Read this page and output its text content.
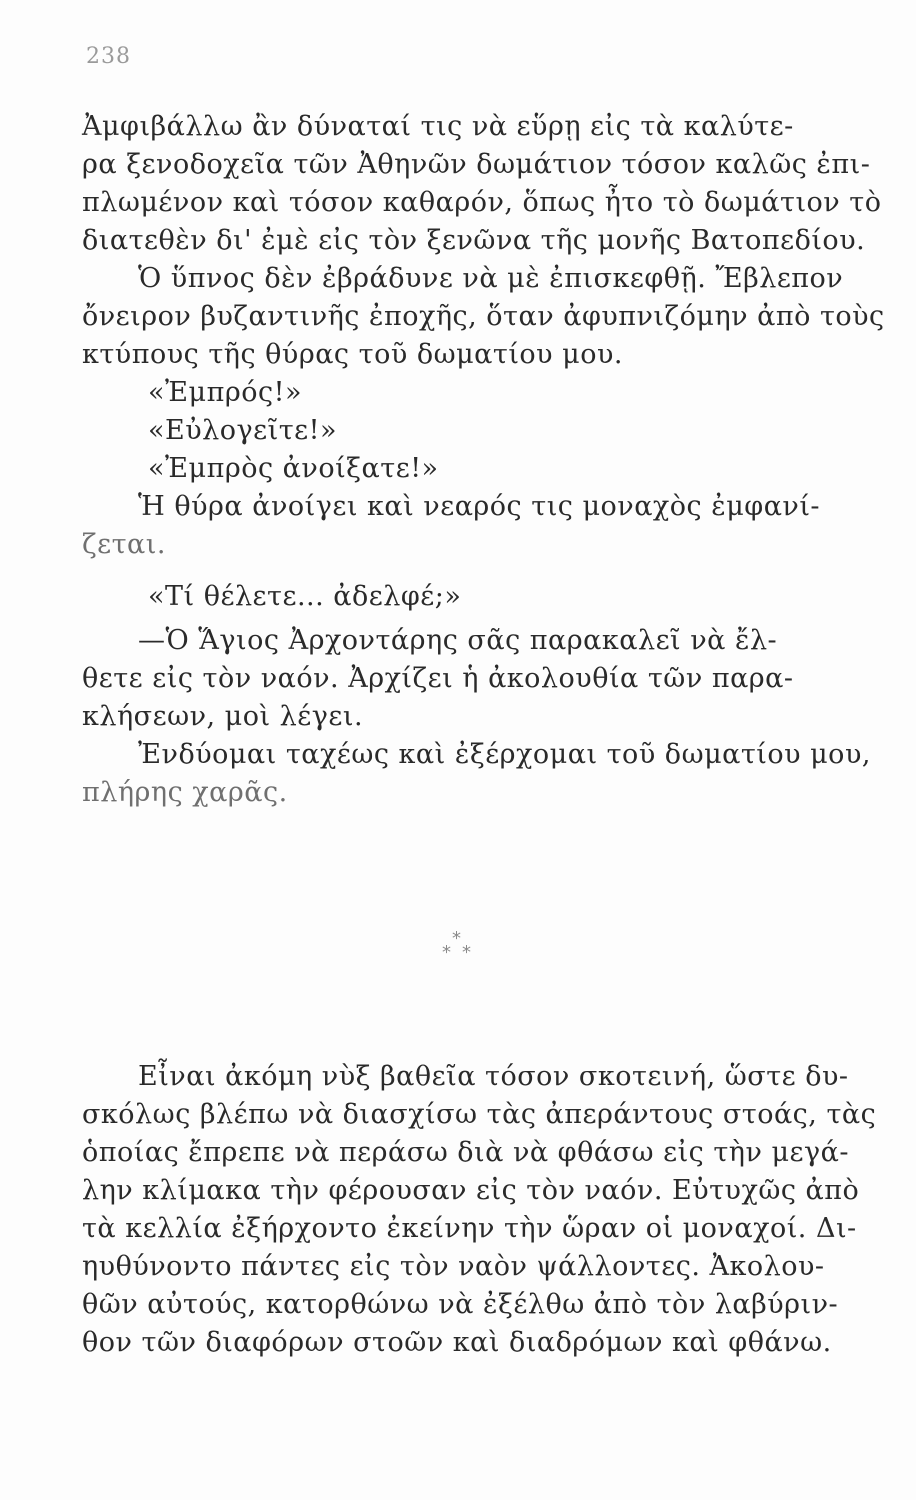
238
Ἀμφιβάλλω ἂν δύναταί τις νὰ εὕρῃ εἰς τὰ καλύτε-
ρα ξενοδοχεῖα τῶν Ἀθηνῶν δωμάτιον τόσον καλῶς ἐπι-
πλωμένον καὶ τόσον καθαρόν, ὅπως ἦτο τὸ δωμάτιον τὸ
διατεθὲν δι' ἐμὲ εἰς τὸν ξενῶνα τῆς μονῆς Βατοπεδίου.
Ὁ ὕπνος δὲν ἐβράδυνε νὰ μὲ ἐπισκεφθῇ. Ἔβλεπον
ὄνειρον βυζαντινῆς ἐποχῆς, ὅταν ἀφυπνιζόμην ἀπὸ τοὺς
κτύπους τῆς θύρας τοῦ δωματίου μου.
«Ἐμπρός!»
«Εὐλογεῖτε!»
«Ἐμπρὸς ἀνοίξατε!»
Ἡ θύρα ἀνοίγει καὶ νεαρός τις μοναχὸς ἐμφανί-
ζεται.
«Τί θέλετε... ἀδελφέ;»
—Ὁ Ἅγιος Ἀρχοντάρης σᾶς παρακαλεῖ νὰ ἔλ-
θετε εἰς τὸν ναόν. Ἀρχίζει ἡ ἀκολουθία τῶν παρα-
κλήσεων, μοὶ λέγει.
Ἐνδύομαι ταχέως καὶ ἐξέρχομαι τοῦ δωματίου μου,
πλήρης χαρᾶς.
*
* *
Εἶναι ἀκόμη νὺξ βαθεῖα τόσον σκοτεινή, ὥστε δυ-
σκόλως βλέπω νὰ διασχίσω τὰς ἀπεράντους στοάς, τὰς
ὁποίας ἔπρεπε νὰ περάσω διὰ νὰ φθάσω εἰς τὴν μεγά-
λην κλίμακα τὴν φέρουσαν εἰς τὸν ναόν. Εὐτυχῶς ἀπὸ
τὰ κελλία ἐξήρχοντο ἐκείνην τὴν ὥραν οἱ μοναχοί. Δι-
ηυθύνοντο πάντες εἰς τὸν ναὸν ψάλλοντες. Ἀκολου-
θῶν αὐτούς, κατορθώνω νὰ ἐξέλθω ἀπὸ τὸν λαβύριν-
θον τῶν διαφόρων στοῶν καὶ διαδρόμων καὶ φθάνω.
